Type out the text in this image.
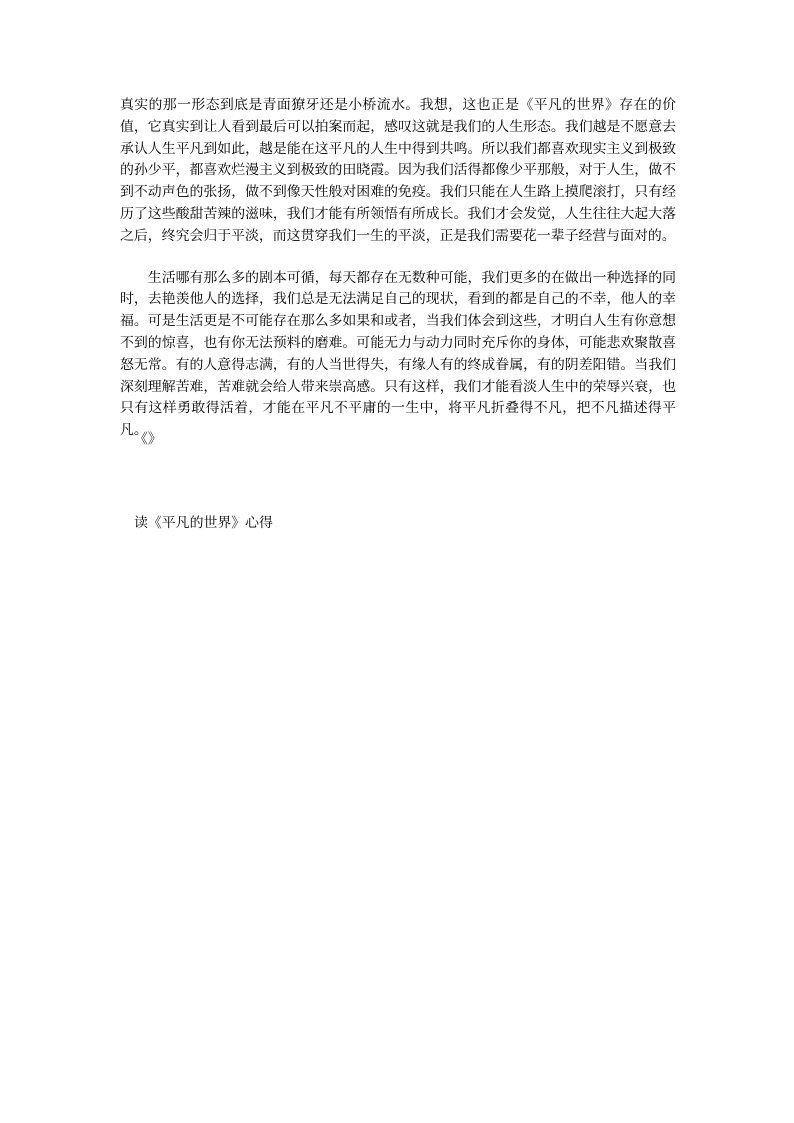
真实的那一形态到底是青面獠牙还是小桥流水。我想，这也正是《平凡的世界》存在的价值，它真实到让人看到最后可以拍案而起，感叹这就是我们的人生形态。我们越是不愿意去承认人生平凡到如此，越是能在这平凡的人生中得到共鸣。所以我们都喜欢现实主义到极致的孙少平，都喜欢烂漫主义到极致的田晓霞。因为我们活得都像少平那般，对于人生，做不到不动声色的张扬，做不到像天性般对困难的免疫。我们只能在人生路上摸爬滚打，只有经历了这些酸甜苦辣的滋味，我们才能有所领悟有所成长。我们才会发觉，人生往往大起大落之后，终究会归于平淡，而这贯穿我们一生的平淡，正是我们需要花一辈子经营与面对的。

生活哪有那么多的剧本可循，每天都存在无数种可能，我们更多的在做出一种选择的同时，去艳羡他人的选择，我们总是无法满足自己的现状，看到的都是自己的不幸，他人的幸福。可是生活更是不可能存在那么多如果和或者，当我们体会到这些，才明白人生有你意想不到的惊喜，也有你无法预料的磨难。可能无力与动力同时充斥你的身体，可能悲欢聚散喜怒无常。有的人意得志满，有的人当世得失，有缘人有的终成眷属，有的阴差阳错。当我们深刻理解苦难，苦难就会给人带来崇高感。只有这样，我们才能看淡人生中的荣辱兴衰，也只有这样勇敢得活着，才能在平凡不平庸的一生中，将平凡折叠得不凡，把不凡描述得平凡。

《》
读《平凡的世界》心得
